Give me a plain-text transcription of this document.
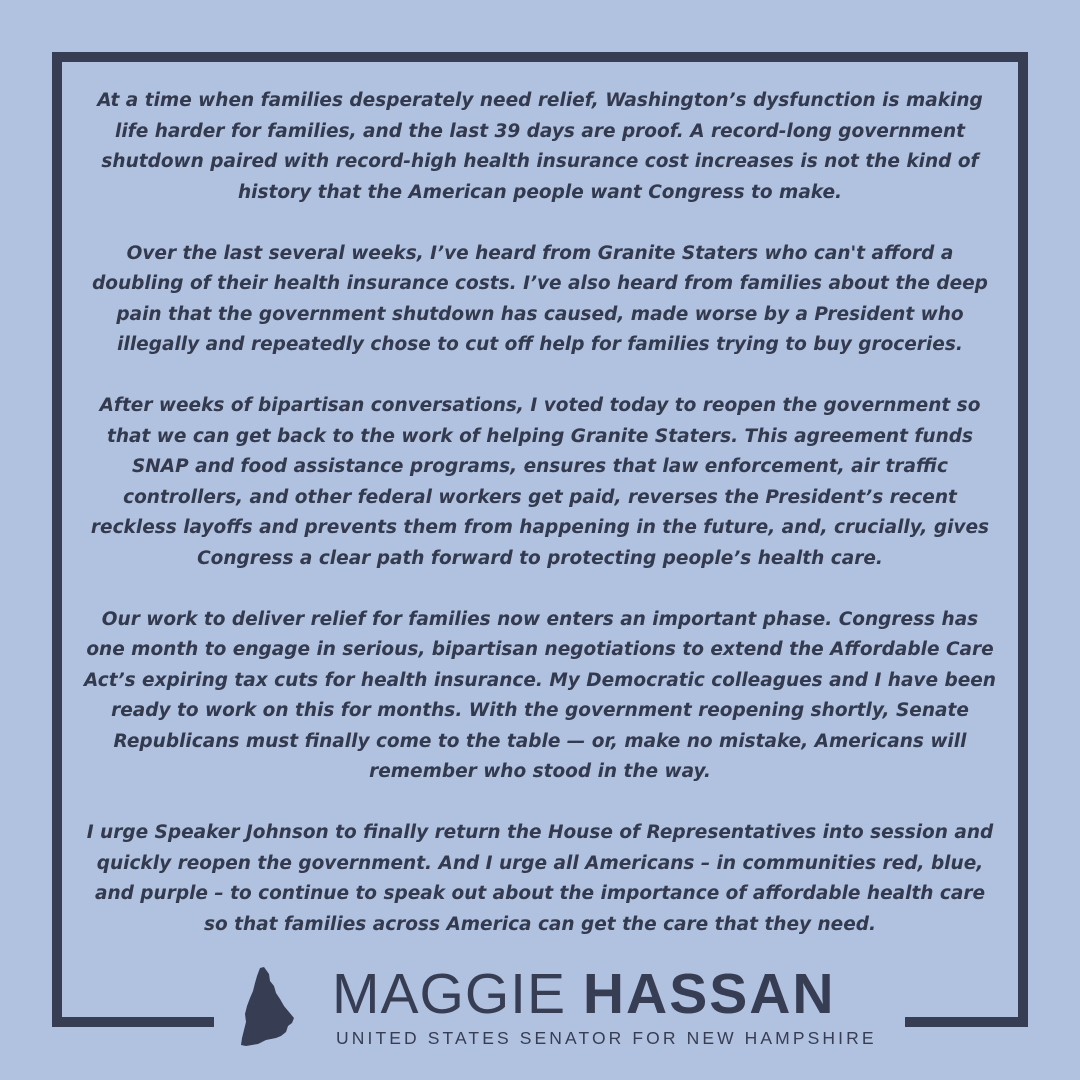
At a time when families desperately need relief, Washington’s dysfunction is making life harder for families, and the last 39 days are proof. A record-long government shutdown paired with record-high health insurance cost increases is not the kind of history that the American people want Congress to make.

Over the last several weeks, I’ve heard from Granite Staters who can't afford a doubling of their health insurance costs. I’ve also heard from families about the deep pain that the government shutdown has caused, made worse by a President who illegally and repeatedly chose to cut off help for families trying to buy groceries.

After weeks of bipartisan conversations, I voted today to reopen the government so that we can get back to the work of helping Granite Staters. This agreement funds SNAP and food assistance programs, ensures that law enforcement, air traffic controllers, and other federal workers get paid, reverses the President’s recent reckless layoffs and prevents them from happening in the future, and, crucially, gives Congress a clear path forward to protecting people’s health care.

Our work to deliver relief for families now enters an important phase. Congress has one month to engage in serious, bipartisan negotiations to extend the Affordable Care Act’s expiring tax cuts for health insurance. My Democratic colleagues and I have been ready to work on this for months. With the government reopening shortly, Senate Republicans must finally come to the table — or, make no mistake, Americans will remember who stood in the way.

I urge Speaker Johnson to finally return the House of Representatives into session and quickly reopen the government. And I urge all Americans – in communities red, blue, and purple – to continue to speak out about the importance of affordable health care so that families across America can get the care that they need.

MAGGIE HASSAN
UNITED STATES SENATOR FOR NEW HAMPSHIRE
